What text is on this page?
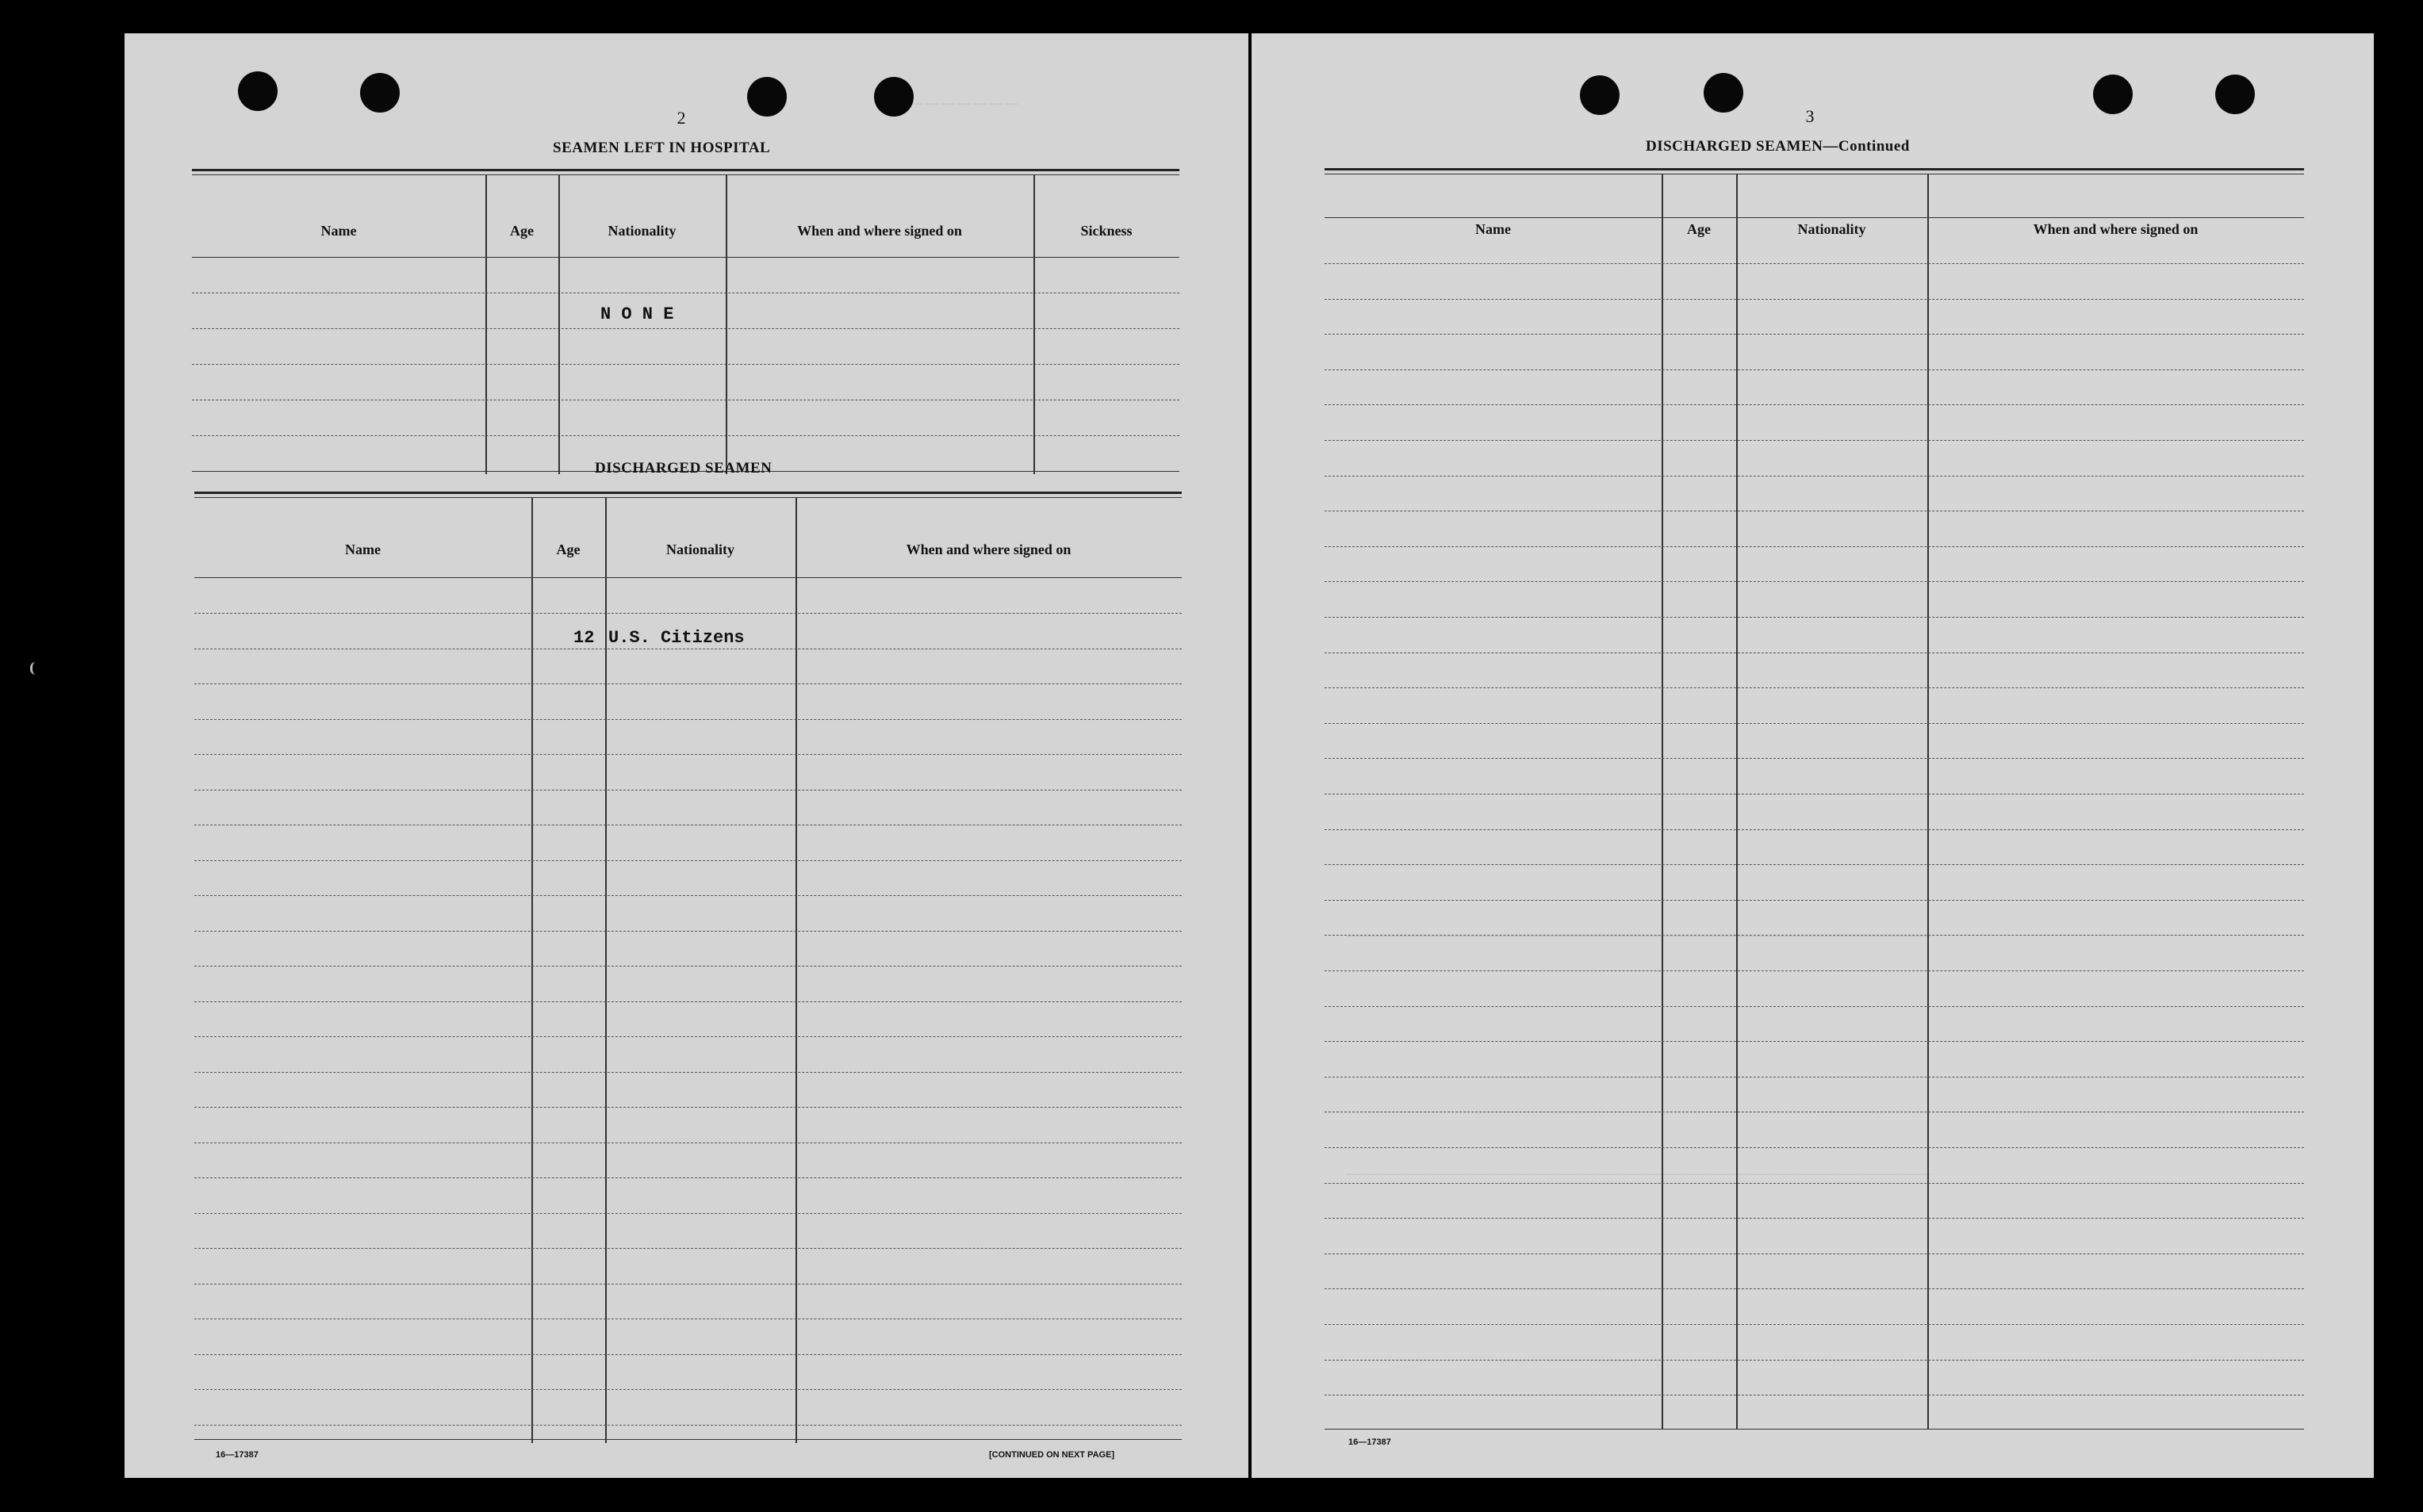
— — — — — — —
2
SEAMEN LEFT IN HOSPITAL
Name	Age	Nationality	When and where signed on	Sickness
N O N E
DISCHARGED SEAMEN
Name	Age	Nationality	When and where signed on
12 U.S. Citizens
16—17387	[CONTINUED ON NEXT PAGE]
——————————————————————————————————————————————
——————————————————————————————————————————————
3
DISCHARGED SEAMEN—Continued
Name	Age	Nationality	When and where signed on
16—17387
